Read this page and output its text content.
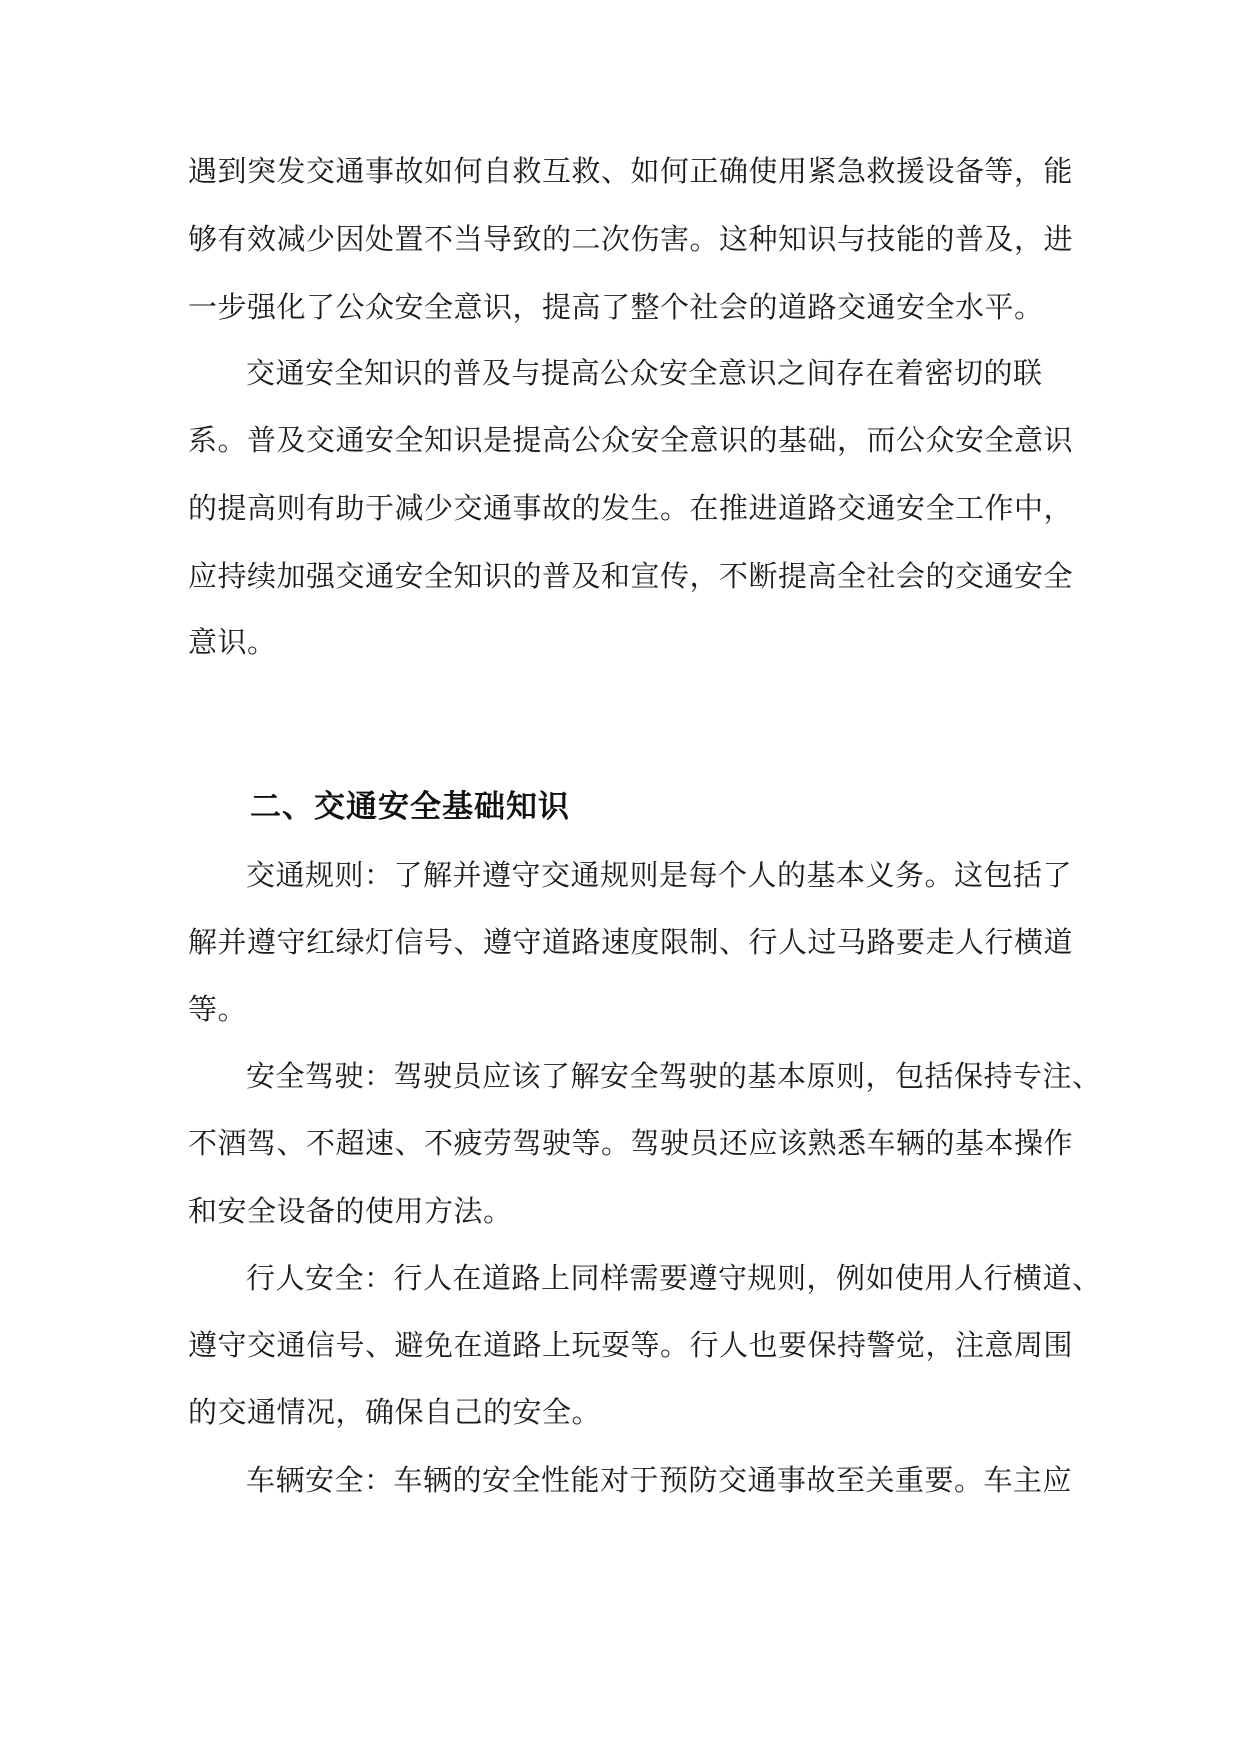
遇到突发交通事故如何自救互救、如何正确使用紧急救援设备等，能
够有效减少因处置不当导致的二次伤害。这种知识与技能的普及，进
一步强化了公众安全意识，提高了整个社会的道路交通安全水平。
交通安全知识的普及与提高公众安全意识之间存在着密切的联
系。普及交通安全知识是提高公众安全意识的基础，而公众安全意识
的提高则有助于减少交通事故的发生。在推进道路交通安全工作中，
应持续加强交通安全知识的普及和宣传，不断提高全社会的交通安全
意识。
二、交通安全基础知识
交通规则：了解并遵守交通规则是每个人的基本义务。这包括了
解并遵守红绿灯信号、遵守道路速度限制、行人过马路要走人行横道
等。
安全驾驶：驾驶员应该了解安全驾驶的基本原则，包括保持专注、
不酒驾、不超速、不疲劳驾驶等。驾驶员还应该熟悉车辆的基本操作
和安全设备的使用方法。
行人安全：行人在道路上同样需要遵守规则，例如使用人行横道、
遵守交通信号、避免在道路上玩耍等。行人也要保持警觉，注意周围
的交通情况，确保自己的安全。
车辆安全：车辆的安全性能对于预防交通事故至关重要。车主应
